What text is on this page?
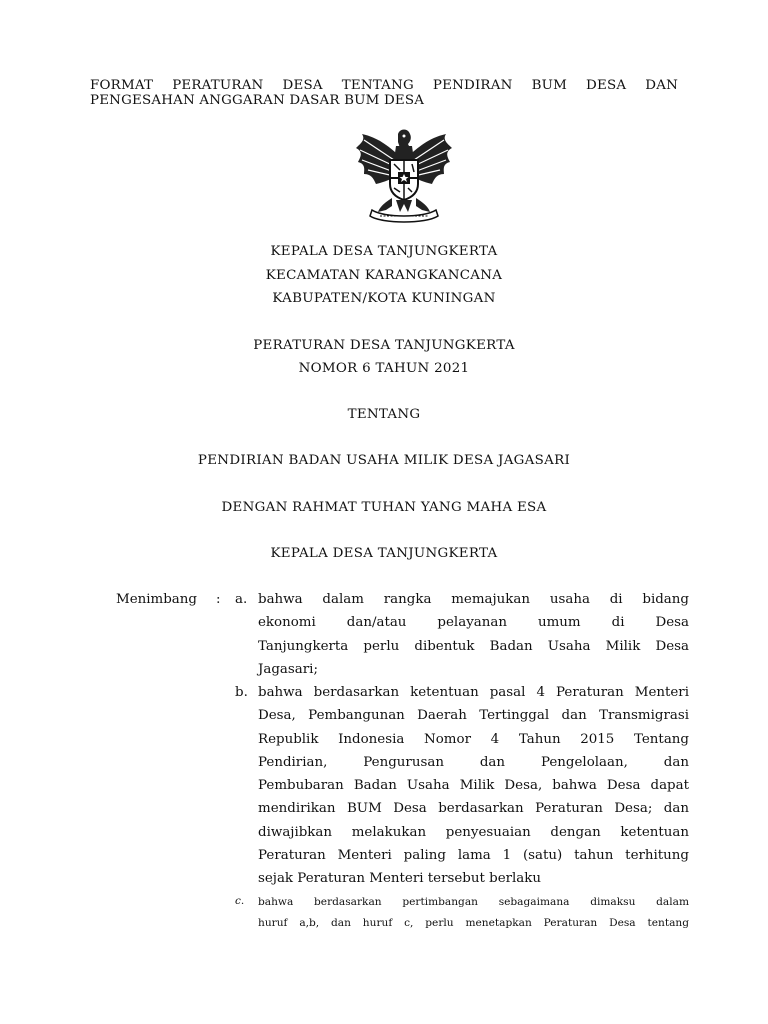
FORMAT PERATURAN DESA TENTANG PENDIRAN BUM DESA DAN
PENGESAHAN ANGGARAN DASAR BUM DESA
KEPALA DESA TANJUNGKERTA
KECAMATAN KARANGKANCANA
KABUPATEN/KOTA KUNINGAN
PERATURAN DESA TANJUNGKERTA
NOMOR 6 TAHUN 2021
TENTANG
PENDIRIAN BADAN USAHA MILIK DESA JAGASARI
DENGAN RAHMAT TUHAN YANG MAHA ESA
KEPALA DESA TANJUNGKERTA
Menimbang : a. bahwa dalam rangka memajukan usaha di bidang
ekonomi dan/atau pelayanan umum di Desa
Tanjungkerta perlu dibentuk Badan Usaha Milik Desa
Jagasari;
b. bahwa berdasarkan ketentuan pasal 4 Peraturan Menteri
Desa, Pembangunan Daerah Tertinggal dan Transmigrasi
Republik Indonesia Nomor 4 Tahun 2015 Tentang
Pendirian, Pengurusan dan Pengelolaan, dan
Pembubaran Badan Usaha Milik Desa, bahwa Desa dapat
mendirikan BUM Desa berdasarkan Peraturan Desa; dan
diwajibkan melakukan penyesuaian dengan ketentuan
Peraturan Menteri paling lama 1 (satu) tahun terhitung
sejak Peraturan Menteri tersebut berlaku
c. bahwa berdasarkan pertimbangan sebagaimana dimaksu dalam
huruf a,b, dan huruf c, perlu menetapkan Peraturan Desa tentang
